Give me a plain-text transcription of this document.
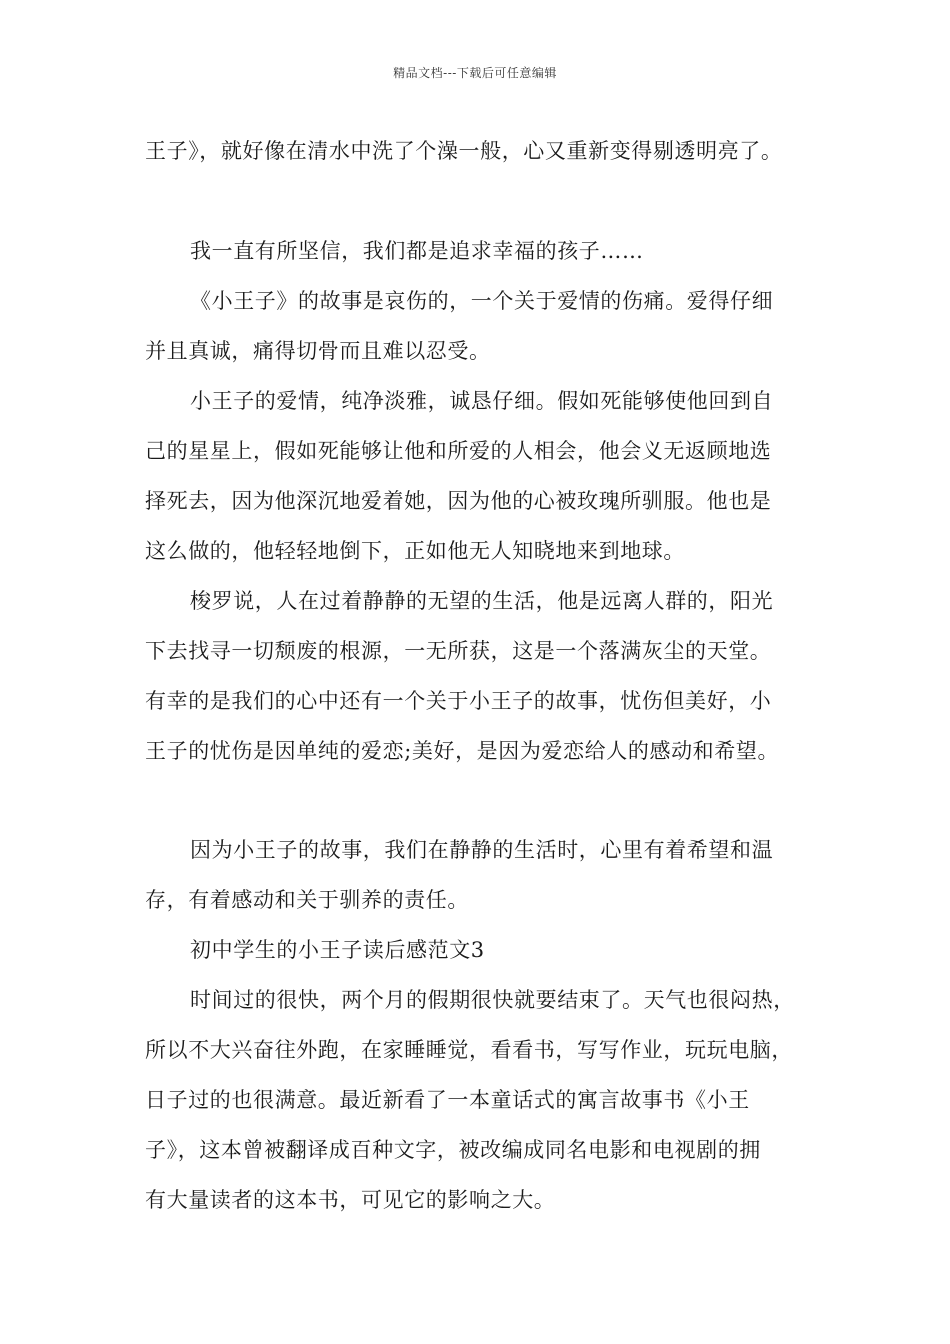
精品文档---下载后可任意编辑
王子》，就好像在清水中洗了个澡一般，心又重新变得剔透明亮了。
我一直有所坚信，我们都是追求幸福的孩子……
《小王子》的故事是哀伤的，一个关于爱情的伤痛。爱得仔细
并且真诚，痛得切骨而且难以忍受。
小王子的爱情，纯净淡雅，诚恳仔细。假如死能够使他回到自
己的星星上，假如死能够让他和所爱的人相会，他会义无返顾地选
择死去，因为他深沉地爱着她，因为他的心被玫瑰所驯服。他也是
这么做的，他轻轻地倒下，正如他无人知晓地来到地球。
梭罗说，人在过着静静的无望的生活，他是远离人群的，阳光
下去找寻一切颓废的根源，一无所获，这是一个落满灰尘的天堂。
有幸的是我们的心中还有一个关于小王子的故事，忧伤但美好，小
王子的忧伤是因单纯的爱恋;美好，是因为爱恋给人的感动和希望。
因为小王子的故事，我们在静静的生活时，心里有着希望和温
存，有着感动和关于驯养的责任。
初中学生的小王子读后感范文3
时间过的很快，两个月的假期很快就要结束了。天气也很闷热，
所以不大兴奋往外跑，在家睡睡觉，看看书，写写作业，玩玩电脑，
日子过的也很满意。最近新看了一本童话式的寓言故事书《小王
子》，这本曾被翻译成百种文字，被改编成同名电影和电视剧的拥
有大量读者的这本书，可见它的影响之大。
